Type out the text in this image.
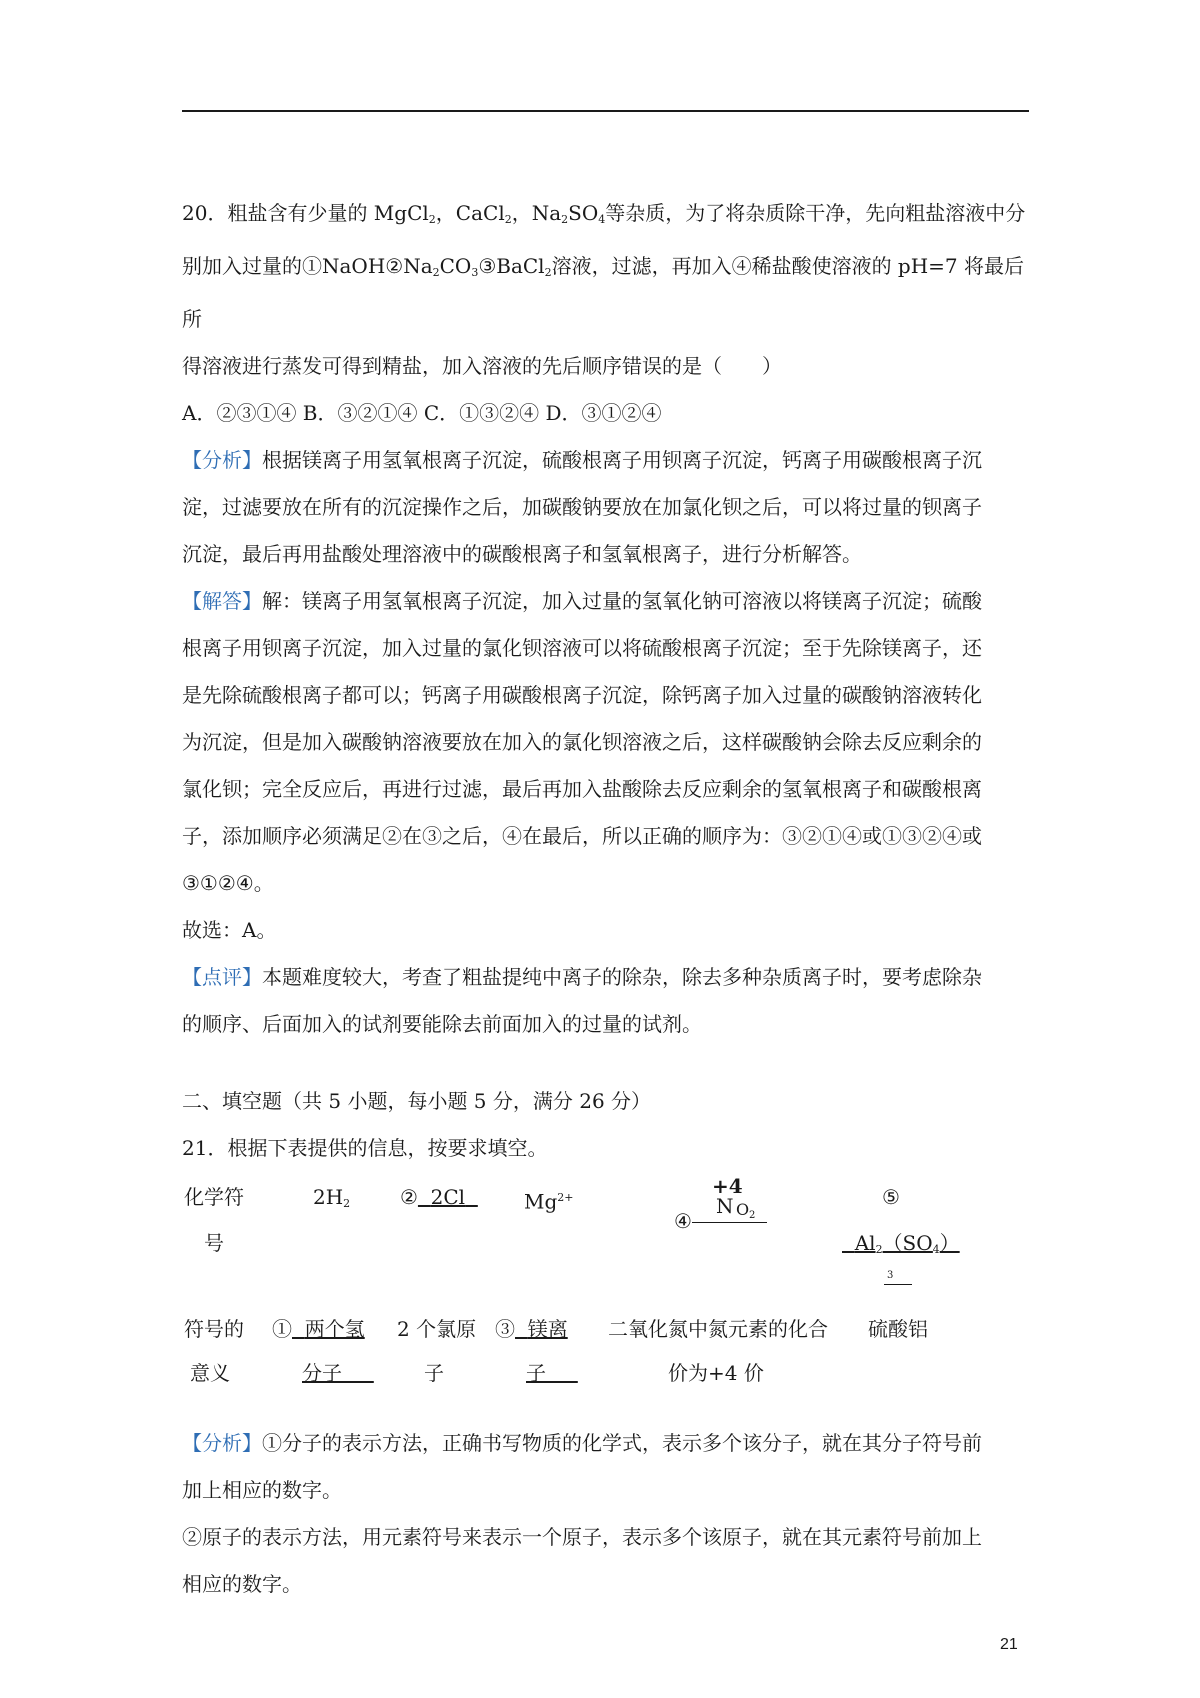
20．粗盐含有少量的 MgCl$_2$，CaCl$_2$，$Na_2SO_4$等杂质，为了将杂质除干净，先向粗盐溶液中分

别加入过量的$①NaOH②Na_2CO_3③BaCl_2$溶液，过滤，再加入④稀盐酸使溶液的 pH=7 将最后所

得溶液进行蒸发可得到精盐，加入溶液的先后顺序错误的是（　　）

A．②③①④ B．③②①④ C．①③②④ D．③①②④

【分析】根据镁离子用氢氧根离子沉淀，硫酸根离子用钡离子沉淀，钙离子用碳酸根离子沉

淀，过滤要放在所有的沉淀操作之后，加碳酸钠要放在加氯化钡之后，可以将过量的钡离子

沉淀，最后再用盐酸处理溶液中的碳酸根离子和氢氧根离子，进行分析解答。

【解答】解：镁离子用氢氧根离子沉淀，加入过量的氢氧化钠可溶液以将镁离子沉淀；硫酸

根离子用钡离子沉淀，加入过量的氯化钡溶液可以将硫酸根离子沉淀；至于先除镁离子，还

是先除硫酸根离子都可以；钙离子用碳酸根离子沉淀，除钙离子加入过量的碳酸钠溶液转化

为沉淀，但是加入碳酸钠溶液要放在加入的氯化钡溶液之后，这样碳酸钠会除去反应剩余的

氯化钡；完全反应后，再进行过滤，最后再加入盐酸除去反应剩余的氢氧根离子和碳酸根离

子，添加顺序必须满足②在③之后，④在最后，所以正确的顺序为：③②①④或①③②④或

③①②④。

故选：A。

【点评】本题难度较大，考查了粗盐提纯中离子的除杂，除去多种杂质离子时，要考虑除杂

的顺序、后面加入的试剂要能除去前面加入的过量的试剂。

二、填空题（共 5 小题，每小题 5 分，满分 26 分）

21．根据下表提供的信息，按要求填空。

化学符
号
$2H_2$ ② 2Cl	$Mg^{2+}$
④
+4
N O 2
⑤
$Al_2(SO_4)$
3
符号的
意义
① 两个氢
分子
2 个氯原
子
③ 镁离
子
二氧化氮中氮元素的化合
价为+4 价
硫酸铝

【分析】①分子的表示方法，正确书写物质的化学式，表示多个该分子，就在其分子符号前

加上相应的数字。

②原子的表示方法，用元素符号来表示一个原子，表示多个该原子，就在其元素符号前加上

相应的数字。

21
